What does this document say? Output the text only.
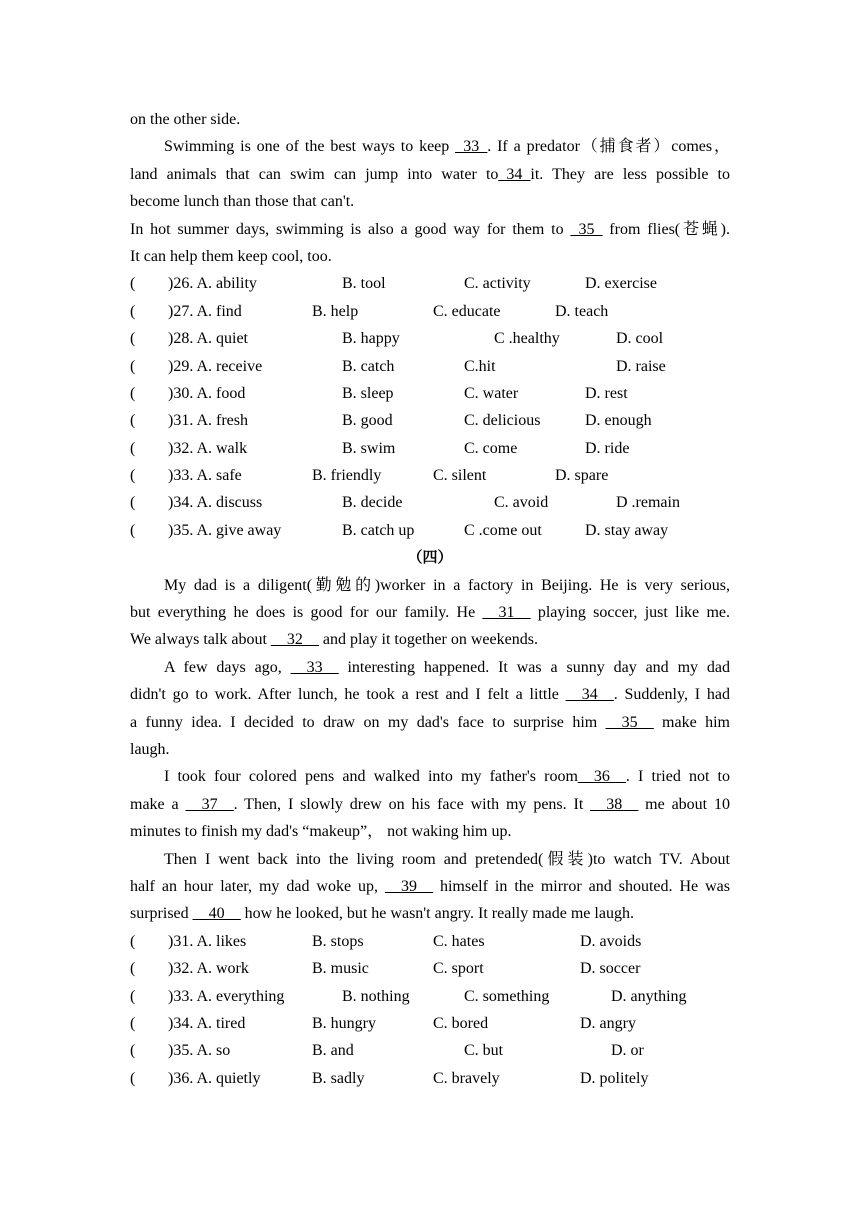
on the other side.
Swimming is one of the best ways to keep _33_. If a predator（捕食者）comes，
land animals that can swim can jump into water to_34_it. They are less possible to
become lunch than those that can't.
In hot summer days, swimming is also a good way for them to _35_ from flies(苍蝇).
It can help them keep cool, too.
( )26. A. ability	B. tool	C. activity	D. exercise
( )27. A. find	B. help	C. educate	D. teach
( )28. A. quiet	B. happy	C .healthy	D. cool
( )29. A. receive	B. catch	C.hit	D. raise
( )30. A. food	B. sleep	C. water	D. rest
( )31. A. fresh	B. good	C. delicious	D. enough
( )32. A. walk	B. swim	C. come	D. ride
( )33. A. safe	B. friendly	C. silent	D. spare
( )34. A. discuss	B. decide	C. avoid	D .remain
( )35. A. give away	B. catch up	C .come out	D. stay away
（四）
My dad is a diligent(勤勉的)worker in a factory in Beijing. He is very serious,
but everything he does is good for our family. He __31__ playing soccer, just like me.
We always talk about __32__ and play it together on weekends.
A few days ago, __33__ interesting happened. It was a sunny day and my dad
didn't go to work. After lunch, he took a rest and I felt a little __34__. Suddenly, I had
a funny idea. I decided to draw on my dad's face to surprise him __35__ make him
laugh.
I took four colored pens and walked into my father's room__36__. I tried not to
make a __37__. Then, I slowly drew on his face with my pens. It __38__ me about 10
minutes to finish my dad's “makeup”， not waking him up.
Then I went back into the living room and pretended(假装)to watch TV. About
half an hour later, my dad woke up, __39__ himself in the mirror and shouted. He was
surprised __40__ how he looked, but he wasn't angry. It really made me laugh.
( )31. A. likes	B. stops	C. hates	D. avoids
( )32. A. work	B. music	C. sport	D. soccer
( )33. A. everything	B. nothing	C. something	D. anything
( )34. A. tired	B. hungry	C. bored	D. angry
( )35. A. so	B. and	C. but	D. or
( )36. A. quietly	B. sadly	C. bravely	D. politely
